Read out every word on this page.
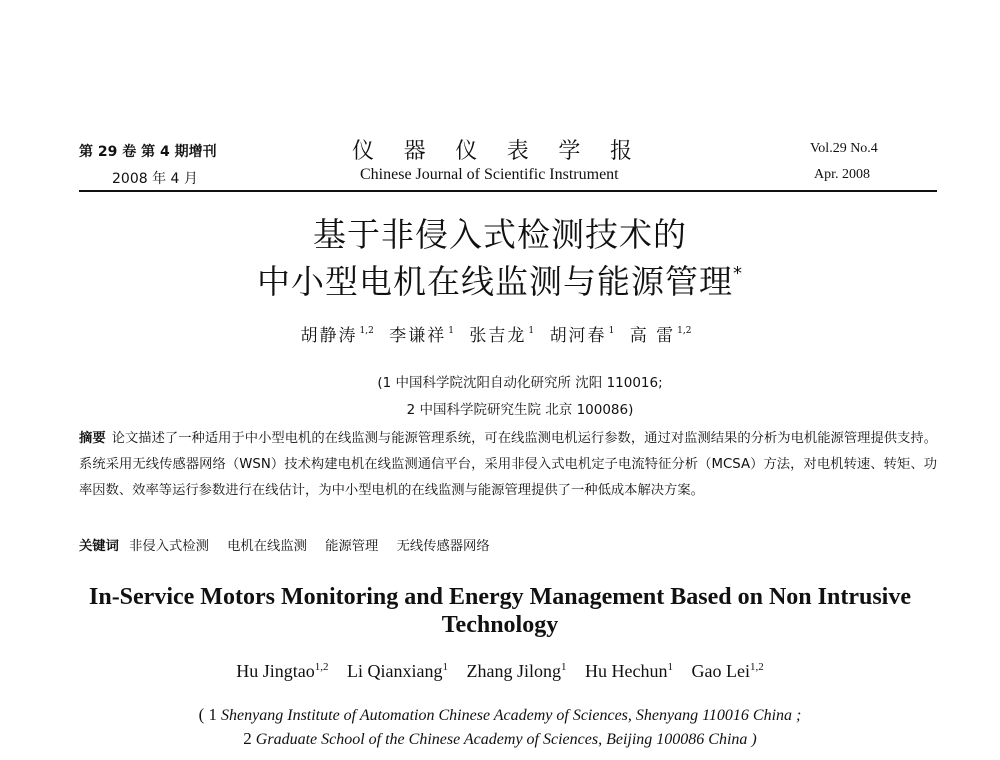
第 29 卷 第 4 期增刊
2008 年 4 月
仪器仪表学报
Chinese Journal of Scientific Instrument
Vol.29 No.4
Apr. 2008
基于非侵入式检测技术的
中小型电机在线监测与能源管理*
胡静涛 $^{1,2}$ 李谦祥 $^1$ 张吉龙 $^1$ 胡河春 $^1$ 高 雷 $^{1,2}$
(1 中国科学院沈阳自动化研究所 沈阳 110016;
2 中国科学院研究生院 北京 100086)
摘要 论文描述了一种适用于中小型电机的在线监测与能源管理系统，可在线监测电机运行参数，通过对监测结果的分析为电机能源管理提供支持。系统采用无线传感器网络（WSN）技术构建电机在线监测通信平台，采用非侵入式电机定子电流特征分析（MCSA）方法，对电机转速、转矩、功率因数、效率等运行参数进行在线估计，为中小型电机的在线监测与能源管理提供了一种低成本解决方案。
关键词 非侵入式检测 电机在线监测 能源管理 无线传感器网络
In-Service Motors Monitoring and Energy Management Based on Non Intrusive
Technology
Hu Jingtao$^{1,2}$ Li Qianxiang$^1$ Zhang Jilong$^1$ Hu Hechun$^1$ Gao Lei$^{1,2}$
( 1 Shenyang Institute of Automation Chinese Academy of Sciences, Shenyang 110016 China ;
2 Graduate School of the Chinese Academy of Sciences, Beijing 100086 China )
